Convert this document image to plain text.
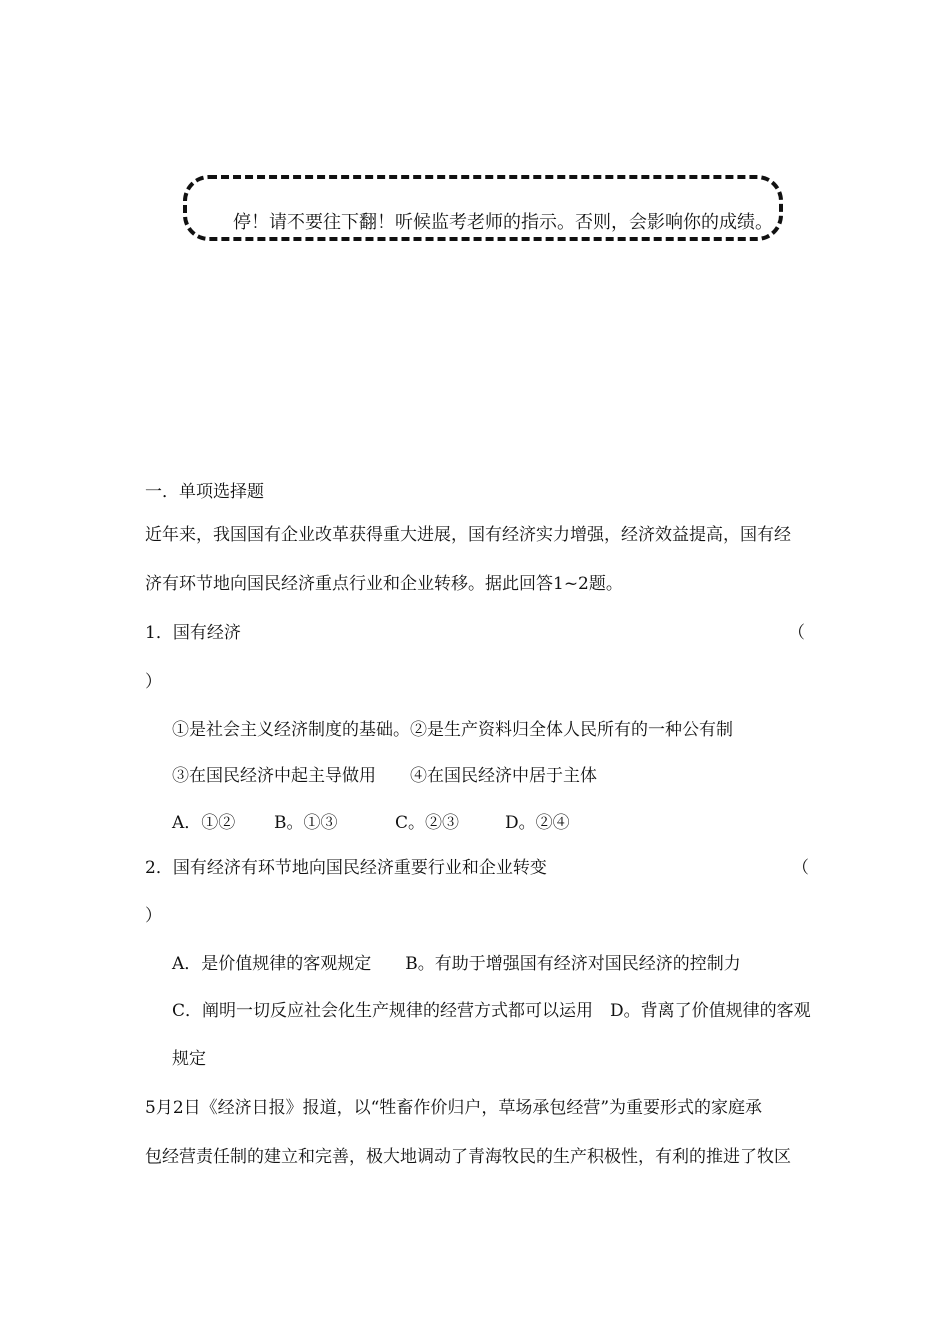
停！请不要往下翻！听候监考老师的指示。否则，会影响你的成绩。
一．单项选择题
近年来，我国国有企业改革获得重大进展，国有经济实力增强，经济效益提高，国有经
济有环节地向国民经济重点行业和企业转移。据此回答1~2题。
1．国有经济	（
）
①是社会主义经济制度的基础。②是生产资料归全体人民所有的一种公有制
③在国民经济中起主导做用　　④在国民经济中居于主体
A．①② B。①③	C。②③	D。②④
2．国有经济有环节地向国民经济重要行业和企业转变	（
）
A．是价值规律的客观规定　　B。有助于增强国有经济对国民经济的控制力
C．阐明一切反应社会化生产规律的经营方式都可以运用　D。背离了价值规律的客观
规定
5月2日《经济日报》报道，以“牲畜作价归户，草场承包经营”为重要形式的家庭承
包经营责任制的建立和完善，极大地调动了青海牧民的生产积极性，有利的推进了牧区
